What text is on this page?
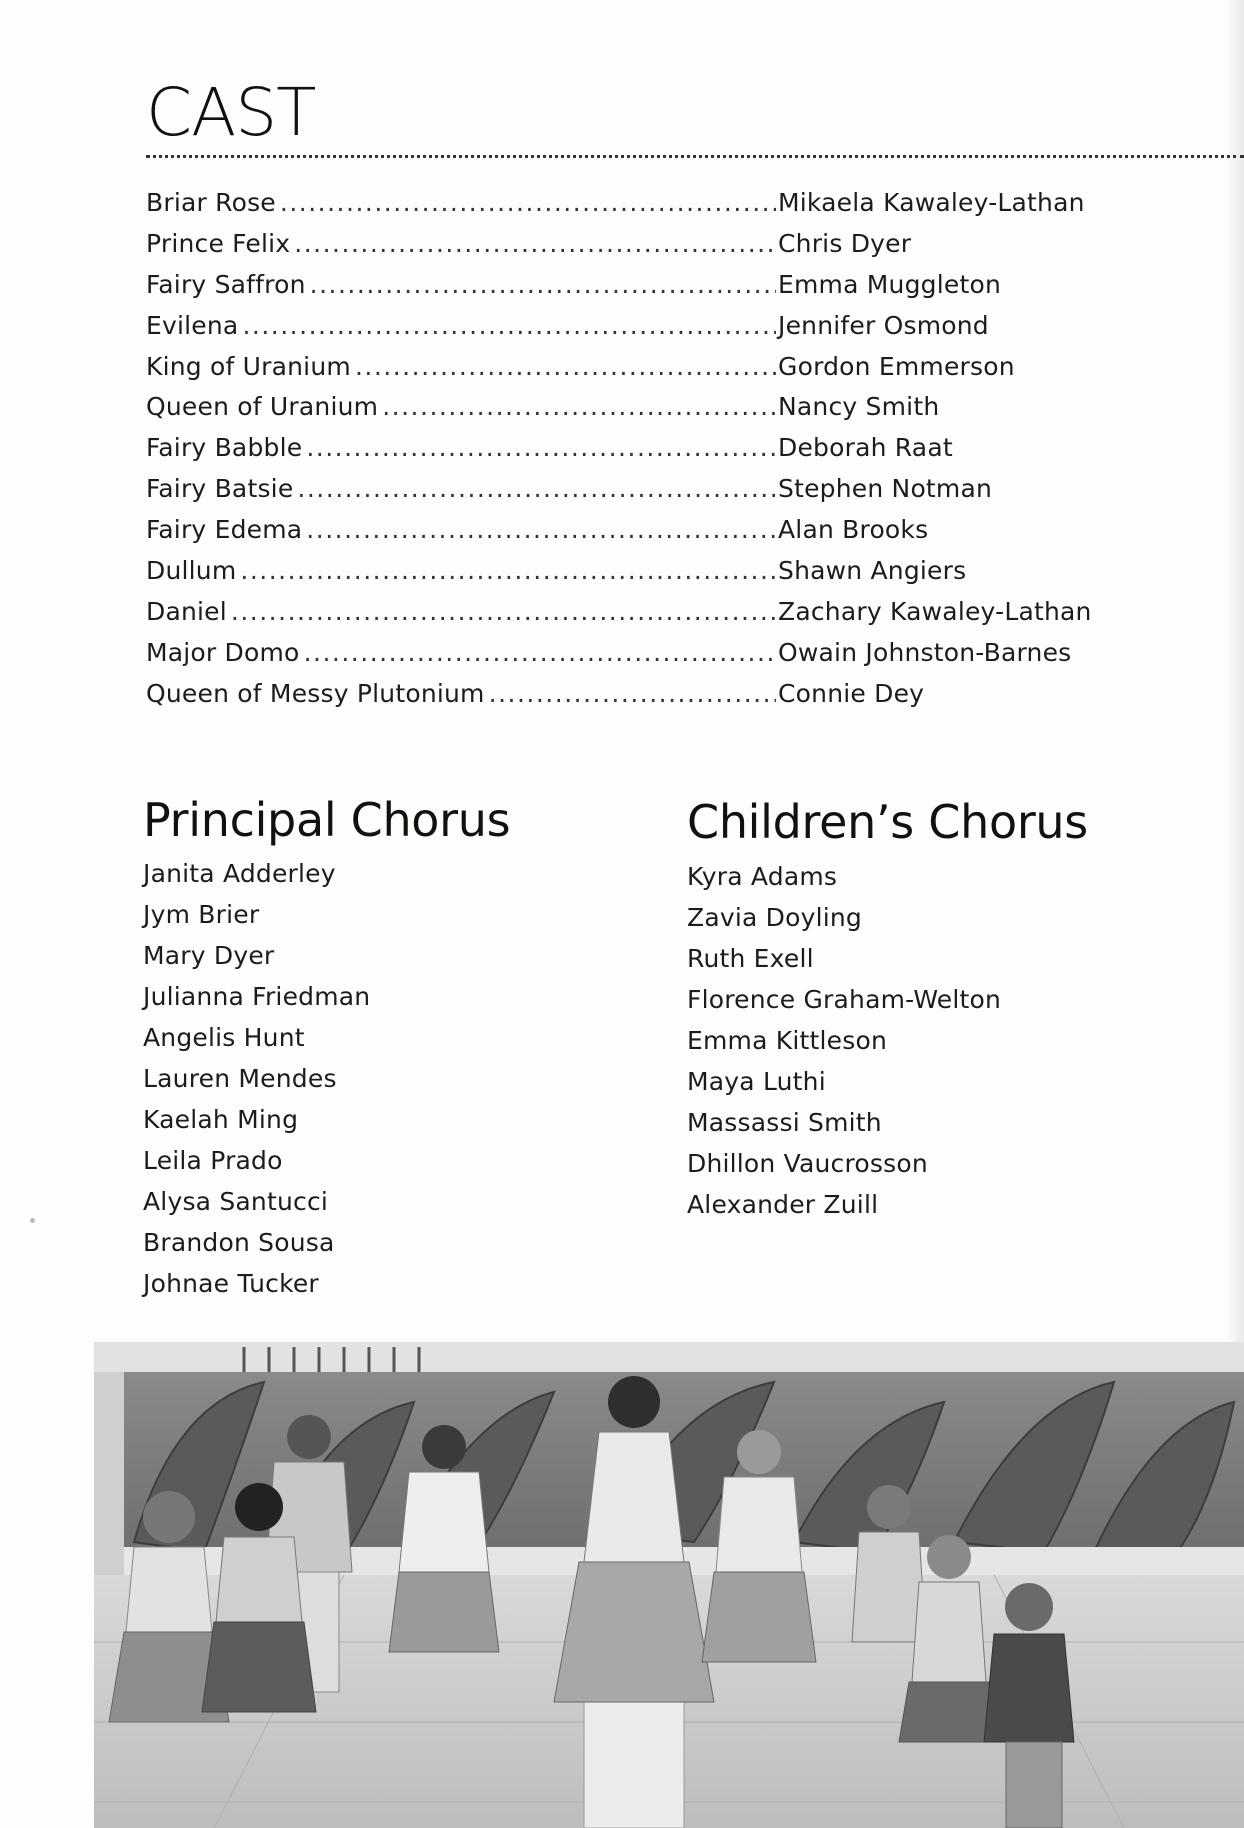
CAST
Briar Rose .....	Mikaela Kawaley-Lathan
Prince Felix .....	Chris Dyer
Fairy Saffron .....	Emma Muggleton
Evilena .....	Jennifer Osmond
King of Uranium .....	Gordon Emmerson
Queen of Uranium .....	Nancy Smith
Fairy Babble .....	Deborah Raat
Fairy Batsie .....	Stephen Notman
Fairy Edema .....	Alan Brooks
Dullum .....	Shawn Angiers
Daniel .....	Zachary Kawaley-Lathan
Major Domo .....	Owain Johnston-Barnes
Queen of Messy Plutonium .....	Connie Dey
Principal Chorus
Janita Adderley
Jym Brier
Mary Dyer
Julianna Friedman
Angelis Hunt
Lauren Mendes
Kaelah Ming
Leila Prado
Alysa Santucci
Brandon Sousa
Johnae Tucker
Children’s Chorus
Kyra Adams
Zavia Doyling
Ruth Exell
Florence Graham-Welton
Emma Kittleson
Maya Luthi
Massassi Smith
Dhillon Vaucrosson
Alexander Zuill
